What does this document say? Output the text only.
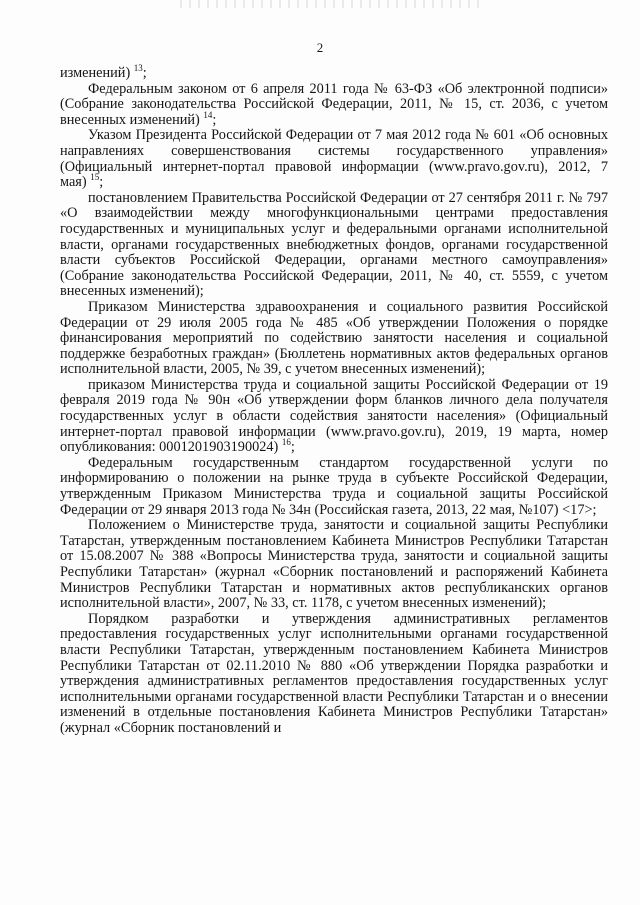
2

изменений) $^{13}$;

Федеральным законом от 6 апреля 2011 года № 63-ФЗ «Об электронной подписи» (Собрание законодательства Российской Федерации, 2011, № 15, ст. 2036, с учетом внесенных изменений) $^{14}$;

Указом Президента Российской Федерации от 7 мая 2012 года № 601 «Об основных направлениях совершенствования системы государственного управления» (Официальный интернет-портал правовой информации (www.pravo.gov.ru), 2012, 7 мая) $^{15}$;

постановлением Правительства Российской Федерации от 27 сентября 2011 г. № 797 «О взаимодействии между многофункциональными центрами предоставления государственных и муниципальных услуг и федеральными органами исполнительной власти, органами государственных внебюджетных фондов, органами государственной власти субъектов Российской Федерации, органами местного самоуправления» (Собрание законодательства Российской Федерации, 2011, № 40, ст. 5559, с учетом внесенных изменений);

Приказом Министерства здравоохранения и социального развития Российской Федерации от 29 июля 2005 года № 485 «Об утверждении Положения о порядке финансирования мероприятий по содействию занятости населения и социальной поддержке безработных граждан» (Бюллетень нормативных актов федеральных органов исполнительной власти, 2005, № 39, с учетом внесенных изменений);

приказом Министерства труда и социальной защиты Российской Федерации от 19 февраля 2019 года № 90н «Об утверждении форм бланков личного дела получателя государственных услуг в области содействия занятости населения» (Официальный интернет-портал правовой информации (www.pravo.gov.ru), 2019, 19 марта, номер опубликования: 0001201903190024) $^{16}$;

Федеральным государственным стандартом государственной услуги по информированию о положении на рынке труда в субъекте Российской Федерации, утвержденным Приказом Министерства труда и социальной защиты Российской Федерации от 29 января 2013 года № 34н (Российская газета, 2013, 22 мая, №107) <17>;

Положением о Министерстве труда, занятости и социальной защиты Республики Татарстан, утвержденным постановлением Кабинета Министров Республики Татарстан от 15.08.2007 № 388 «Вопросы Министерства труда, занятости и социальной защиты Республики Татарстан» (журнал «Сборник постановлений и распоряжений Кабинета Министров Республики Татарстан и нормативных актов республиканских органов исполнительной власти», 2007, № 33, ст. 1178, с учетом внесенных изменений);

Порядком разработки и утверждения административных регламентов предоставления государственных услуг исполнительными органами государственной власти Республики Татарстан, утвержденным постановлением Кабинета Министров Республики Татарстан от 02.11.2010 № 880 «Об утверждении Порядка разработки и утверждения административных регламентов предоставления государственных услуг исполнительными органами государственной власти Республики Татарстан и о внесении изменений в отдельные постановления Кабинета Министров Республики Татарстан» (журнал «Сборник постановлений и
